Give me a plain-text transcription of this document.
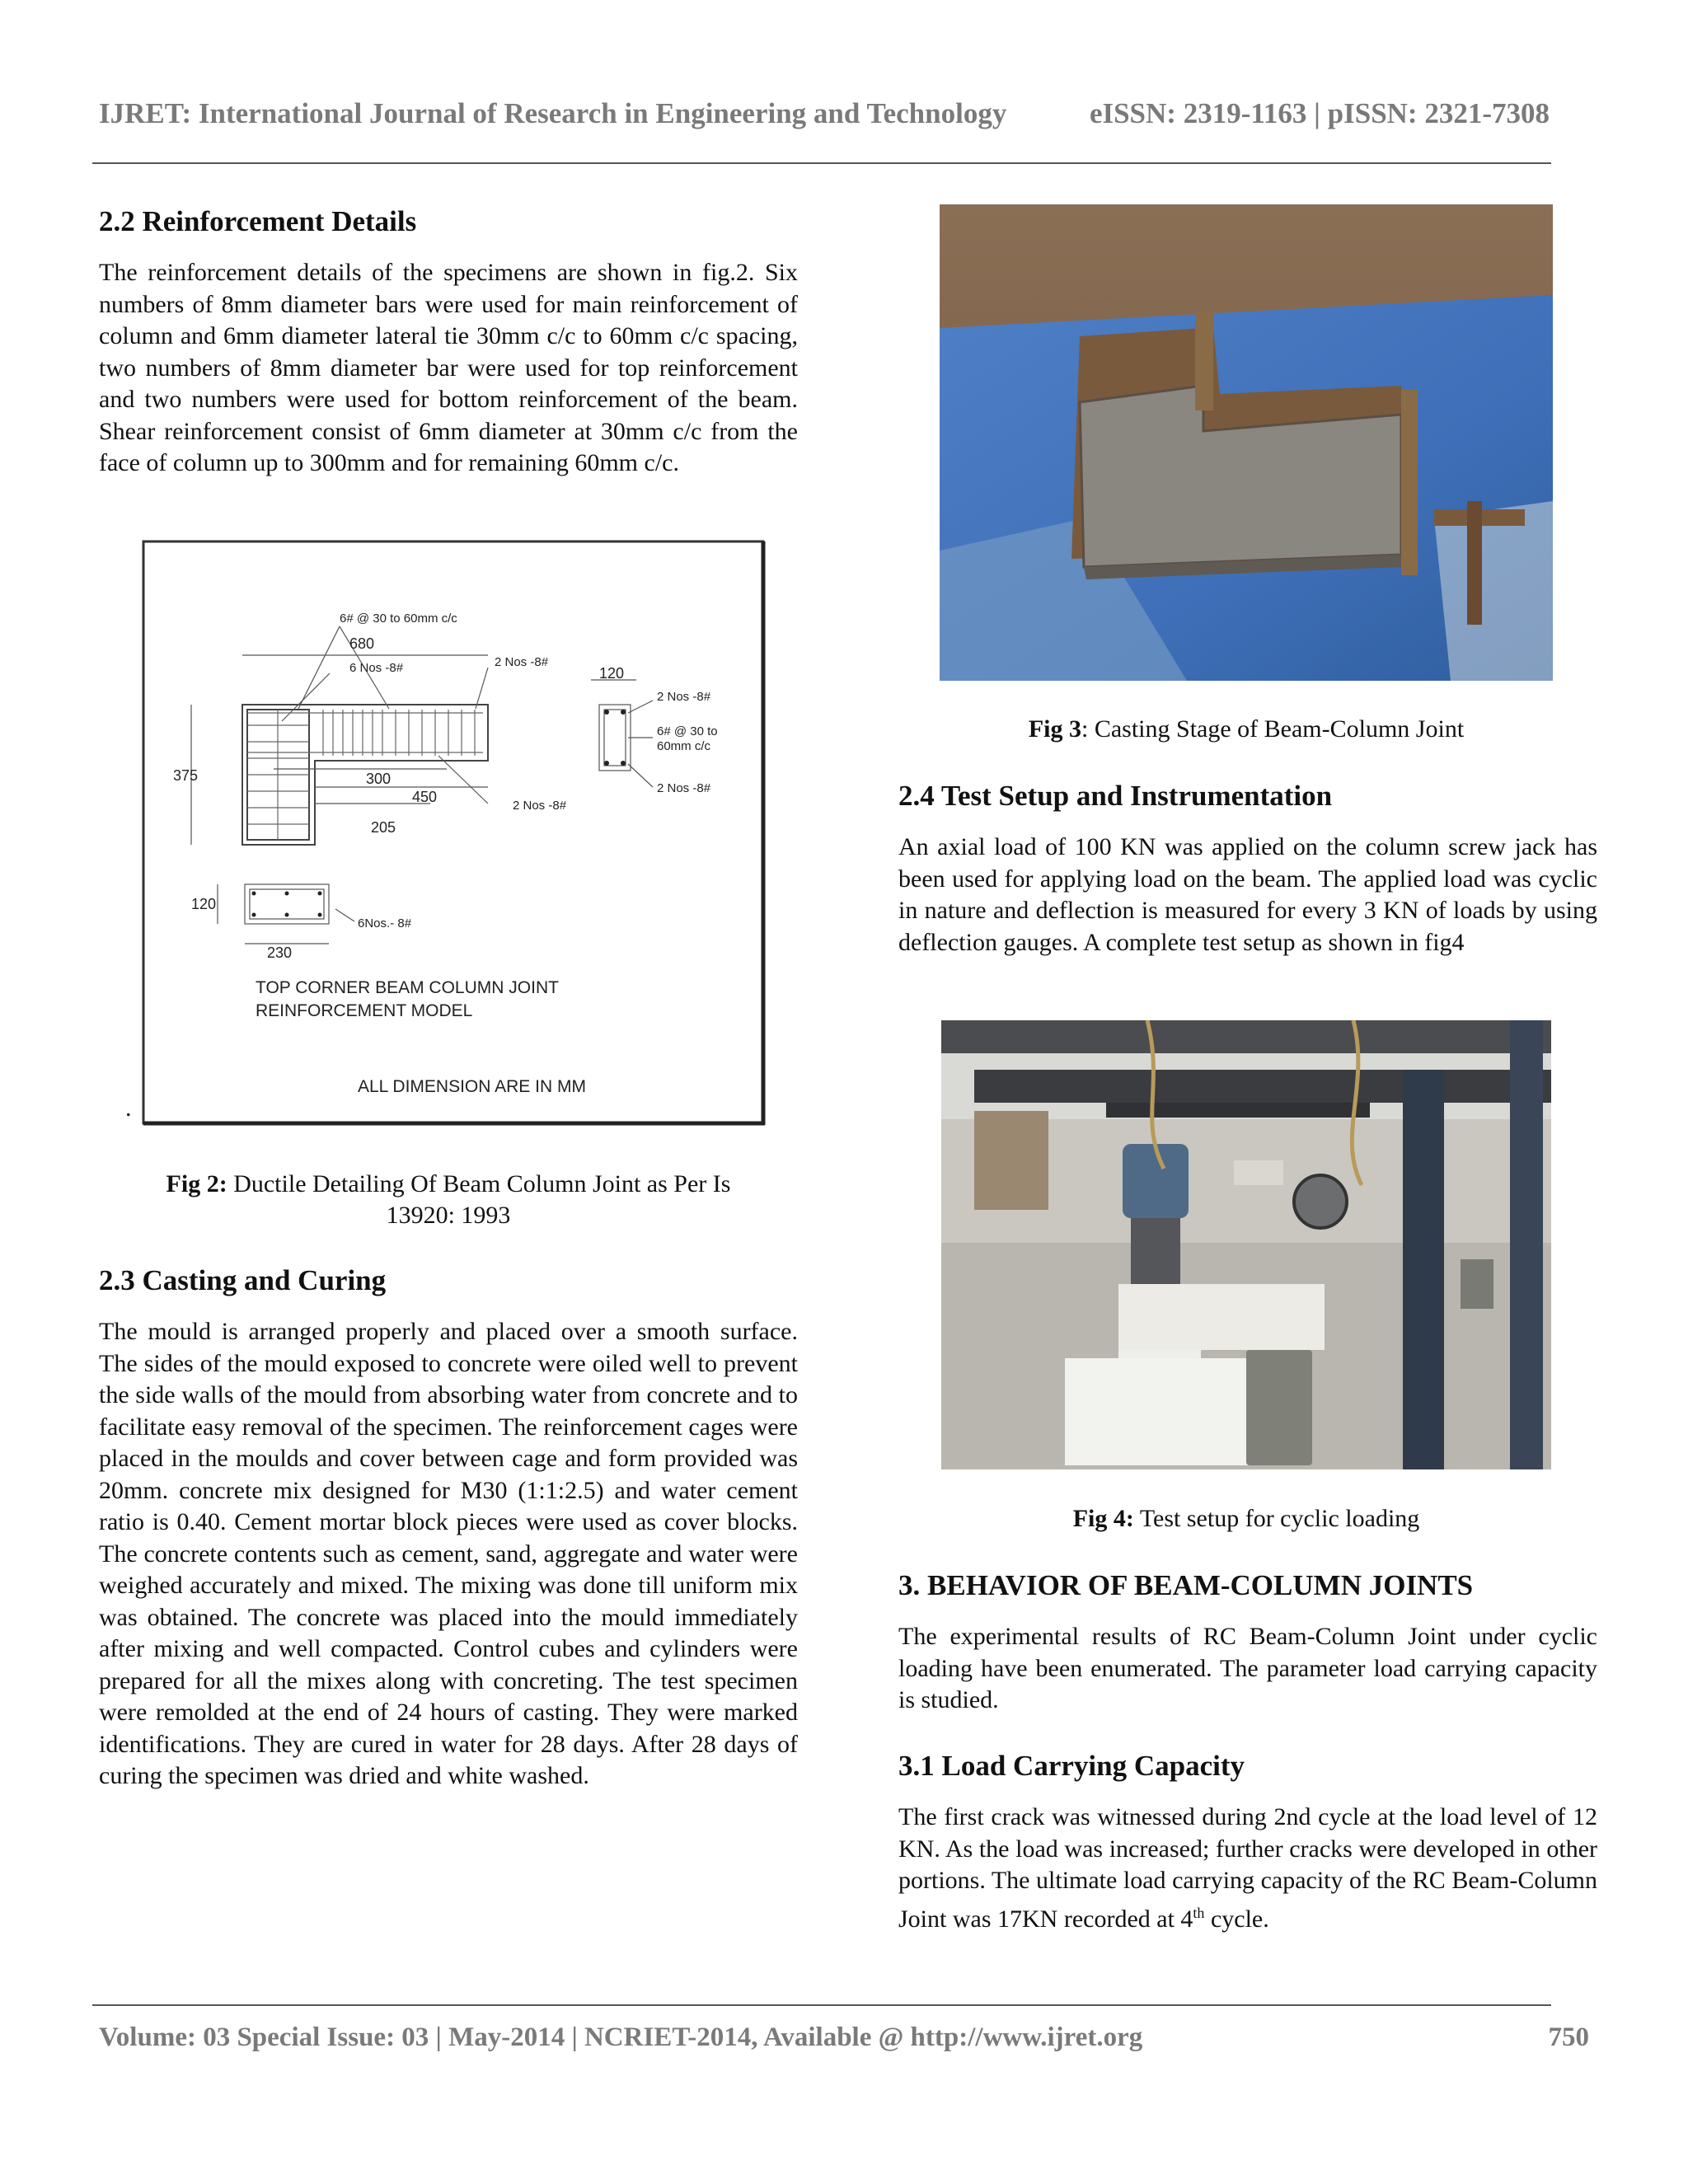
IJRET: International Journal of Research in Engineering and Technology	eISSN: 2319-1163 | pISSN: 2321-7308
2.2 Reinforcement Details

The reinforcement details of the specimens are shown in fig.2. Six numbers of 8mm diameter bars were used for main reinforcement of column and 6mm diameter lateral tie 30mm c/c to 60mm c/c spacing, two numbers of 8mm diameter bar were used for top reinforcement and two numbers were used for bottom reinforcement of the beam. Shear reinforcement consist of 6mm diameter at 30mm c/c from the face of column up to 300mm and for remaining 60mm c/c.

6# @ 30 to 60mm c/c
680
6 Nos -8#	2 Nos -8#
375	300
450
205
2 Nos -8#
120
2 Nos -8#
6# @ 30 to
60mm c/c
2 Nos -8#
120
6Nos.- 8#
230
TOP CORNER BEAM COLUMN JOINT
REINFORCEMENT MODEL
ALL DIMENSION ARE IN MM
.
Fig 2: Ductile Detailing Of Beam Column Joint as Per Is
13920: 1993
2.3 Casting and Curing

The mould is arranged properly and placed over a smooth surface. The sides of the mould exposed to concrete were oiled well to prevent the side walls of the mould from absorbing water from concrete and to facilitate easy removal of the specimen. The reinforcement cages were placed in the moulds and cover between cage and form provided was 20mm. concrete mix designed for M30 (1:1:2.5) and water cement ratio is 0.40. Cement mortar block pieces were used as cover blocks. The concrete contents such as cement, sand, aggregate and water were weighed accurately and mixed. The mixing was done till uniform mix was obtained. The concrete was placed into the mould immediately after mixing and well compacted. Control cubes and cylinders were prepared for all the mixes along with concreting. The test specimen were remolded at the end of 24 hours of casting. They were marked identifications. They are cured in water for 28 days. After 28 days of curing the specimen was dried and white washed.

Fig 3: Casting Stage of Beam-Column Joint
2.4 Test Setup and Instrumentation

An axial load of 100 KN was applied on the column screw jack has been used for applying load on the beam. The applied load was cyclic in nature and deflection is measured for every 3 KN of loads by using deflection gauges. A complete test setup as shown in fig4

Fig 4: Test setup for cyclic loading
3. BEHAVIOR OF BEAM-COLUMN JOINTS

The experimental results of RC Beam-Column Joint under cyclic loading have been enumerated. The parameter load carrying capacity is studied.

3.1 Load Carrying Capacity

The first crack was witnessed during 2nd cycle at the load level of 12 KN. As the load was increased; further cracks were developed in other portions. The ultimate load carrying capacity of the RC Beam-Column Joint was 17KN recorded at 4th cycle.

Volume: 03 Special Issue: 03 | May-2014 | NCRIET-2014, Available @ http://www.ijret.org	750
